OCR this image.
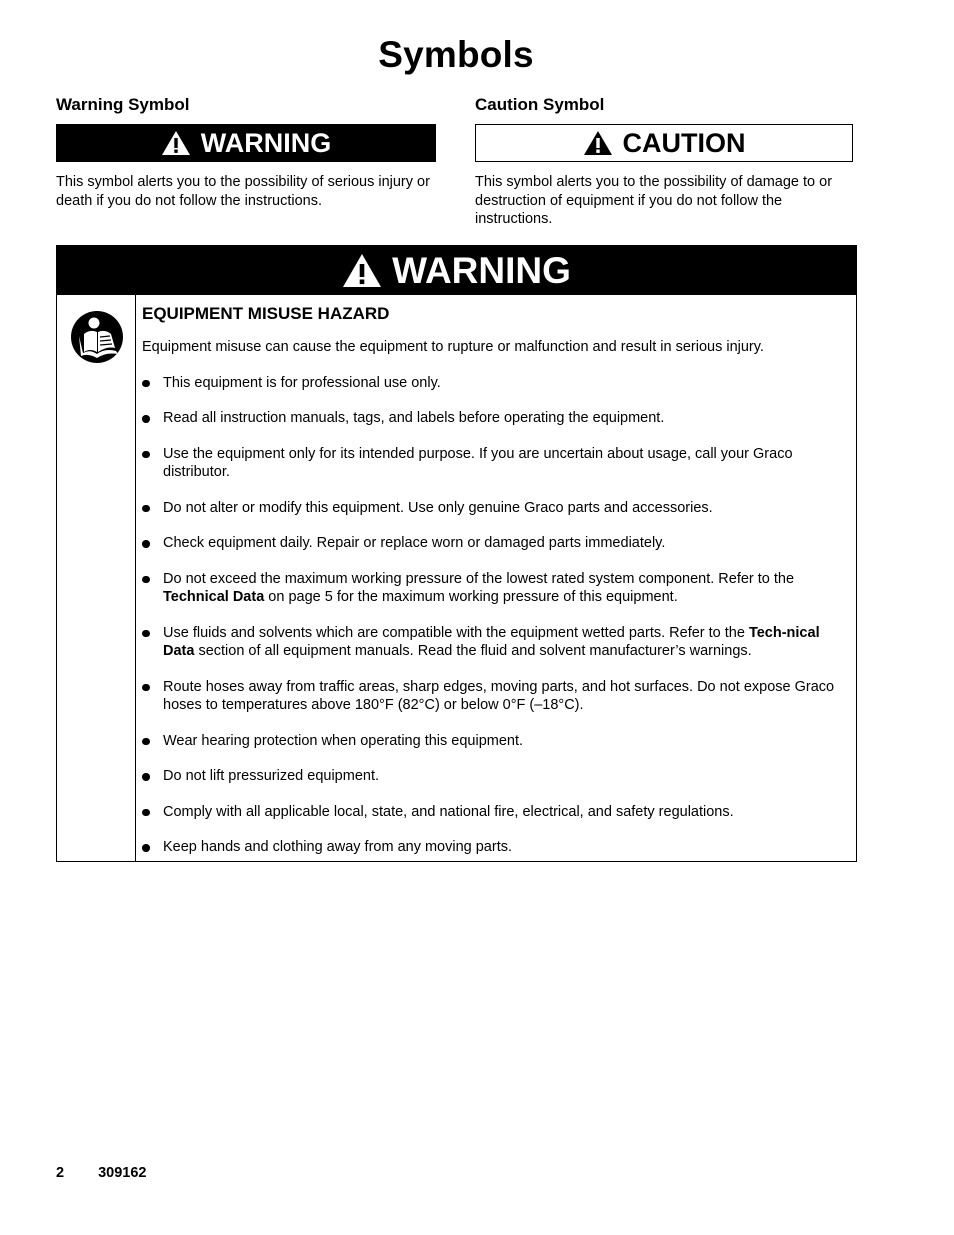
Symbols
Warning Symbol
WARNING
This symbol alerts you to the possibility of serious injury or death if you do not follow the instructions.
Caution Symbol
CAUTION
This symbol alerts you to the possibility of damage to or destruction of equipment if you do not follow the instructions.
WARNING
EQUIPMENT MISUSE HAZARD
Equipment misuse can cause the equipment to rupture or malfunction and result in serious injury.
This equipment is for professional use only.
Read all instruction manuals, tags, and labels before operating the equipment.
Use the equipment only for its intended purpose. If you are uncertain about usage, call your Graco distributor.
Do not alter or modify this equipment. Use only genuine Graco parts and accessories.
Check equipment daily. Repair or replace worn or damaged parts immediately.
Do not exceed the maximum working pressure of the lowest rated system component. Refer to the Technical Data on page 5 for the maximum working pressure of this equipment.
Use fluids and solvents which are compatible with the equipment wetted parts. Refer to the Tech-nical Data section of all equipment manuals. Read the fluid and solvent manufacturer’s warnings.
Route hoses away from traffic areas, sharp edges, moving parts, and hot surfaces. Do not expose Graco hoses to temperatures above 180°F (82°C) or below 0°F (–18°C).
Wear hearing protection when operating this equipment.
Do not lift pressurized equipment.
Comply with all applicable local, state, and national fire, electrical, and safety regulations.
Keep hands and clothing away from any moving parts.
2 309162
